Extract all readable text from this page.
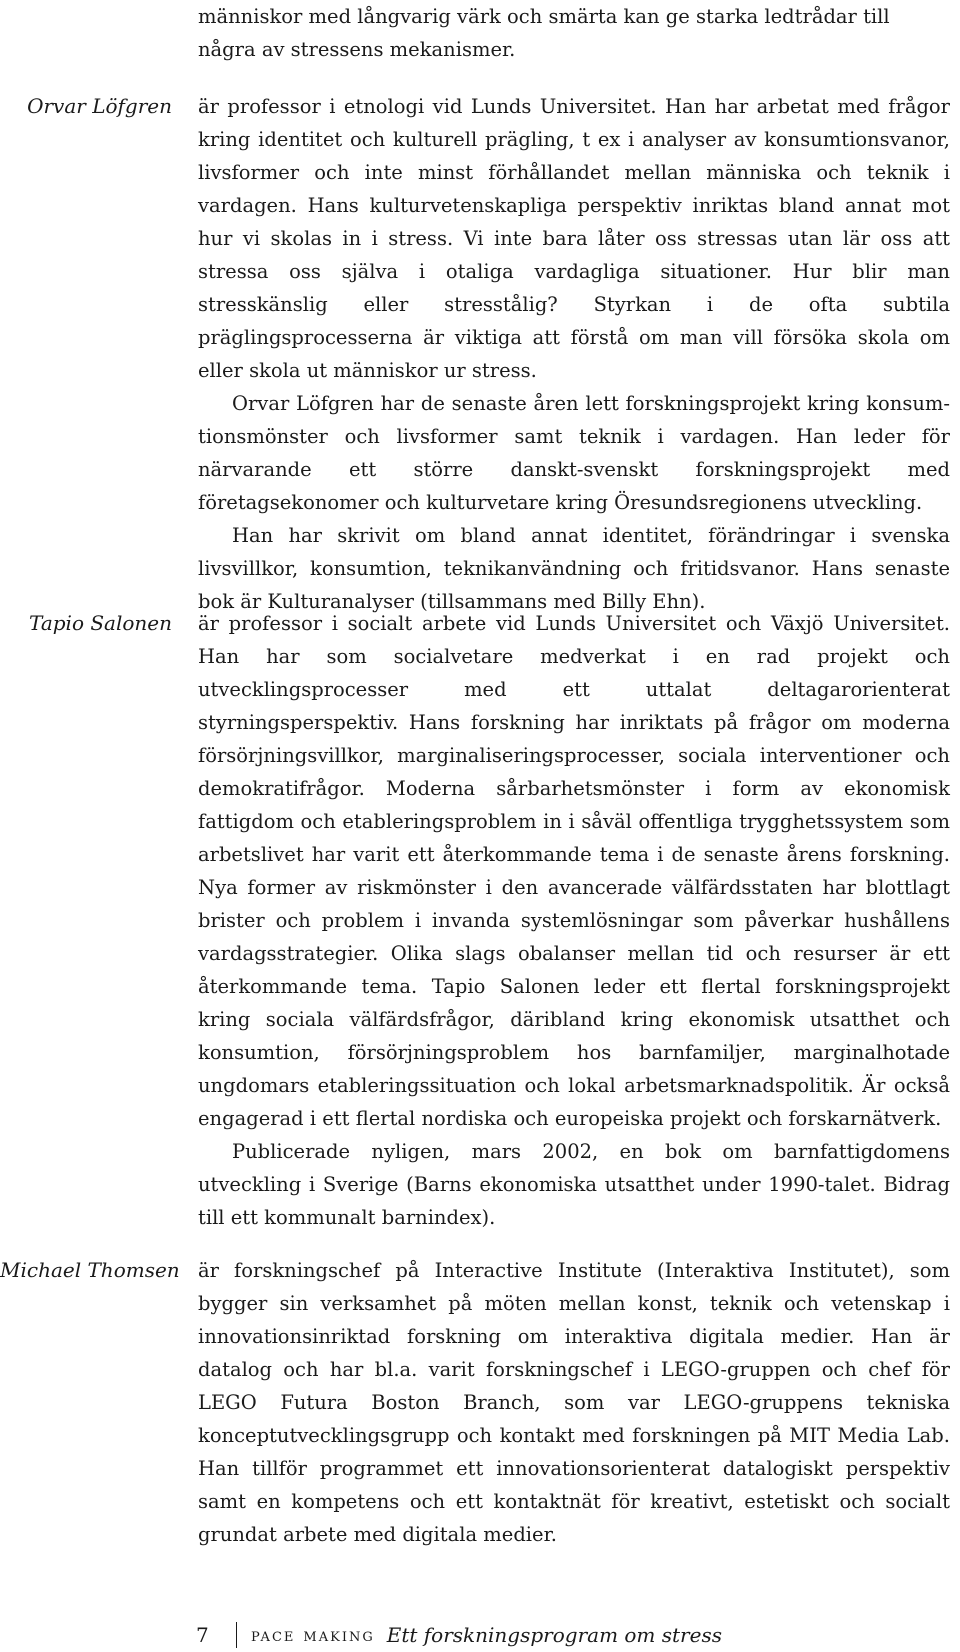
människor med långvarig värk och smärta kan ge starka ledtrådar till några av stressens mekanismer.

Orvar Löfgren är professor i etnologi vid Lunds Universitet. Han har arbetat med frågor kring identitet och kulturell prägling, t ex i analyser av konsumtionsvanor, livsformer och inte minst förhållandet mellan människa och teknik i vardagen. Hans kulturvetenskapliga perspektiv inriktas bland annat mot hur vi skolas in i stress. Vi inte bara låter oss stressas utan lär oss att stressa oss själva i otaliga vardagliga situationer. Hur blir man stresskänslig eller stresstålig? Styrkan i de ofta subtila präglingsprocesserna är viktiga att förstå om man vill försöka skola om eller skola ut människor ur stress.

Orvar Löfgren har de senaste åren lett forskningsprojekt kring konsumtionsmönster och livsformer samt teknik i vardagen. Han leder för närvarande ett större danskt-svenskt forskningsprojekt med företagsekonomer och kulturvetare kring Öresundsregionens utveckling.

Han har skrivit om bland annat identitet, förändringar i svenska livsvillkor, konsumtion, teknikanvändning och fritidsvanor. Hans senaste bok är Kulturanalyser (tillsammans med Billy Ehn).

Tapio Salonen är professor i socialt arbete vid Lunds Universitet och Växjö Universitet. Han har som socialvetare medverkat i en rad projekt och utvecklingsprocesser med ett uttalat deltagarorienterat styrningsperspektiv. Hans forskning har inriktats på frågor om moderna försörjningsvillkor, marginaliseringsprocesser, sociala interventioner och demokratifrågor. Moderna sårbarhetsmönster i form av ekonomisk fattigdom och etableringsproblem in i såväl offentliga trygghetssystem som arbetslivet har varit ett återkommande tema i de senaste årens forskning. Nya former av riskmönster i den avancerade välfärdsstaten har blottlagt brister och problem i invanda systemlösningar som påverkar hushållens vardagsstrategier. Olika slags obalanser mellan tid och resurser är ett återkommande tema. Tapio Salonen leder ett flertal forskningsprojekt kring sociala välfärdsfrågor, däribland kring ekonomisk utsatthet och konsumtion, försörjningsproblem hos barnfamiljer, marginalhotade ungdomars etableringssituation och lokal arbetsmarknadspolitik. Är också engagerad i ett flertal nordiska och europeiska projekt och forskarnätverk.

Publicerade nyligen, mars 2002, en bok om barnfattigdomens utveckling i Sverige (Barns ekonomiska utsatthet under 1990-talet. Bidrag till ett kommunalt barnindex).

Michael Thomsen är forskningschef på Interactive Institute (Interaktiva Institutet), som bygger sin verksamhet på möten mellan konst, teknik och vetenskap i innovationsinriktad forskning om interaktiva digitala medier. Han är datalog och har bl.a. varit forskningschef i LEGO-gruppen och chef för LEGO Futura Boston Branch, som var LEGO-gruppens tekniska konceptutvecklingsgrupp och kontakt med forskningen på MIT Media Lab. Han tillför programmet ett innovationsorienterat datalogiskt perspektiv samt en kompetens och ett kontaktnät för kreativt, estetiskt och socialt grundat arbete med digitala medier.

7	pace making Ett forskningsprogram om stress
